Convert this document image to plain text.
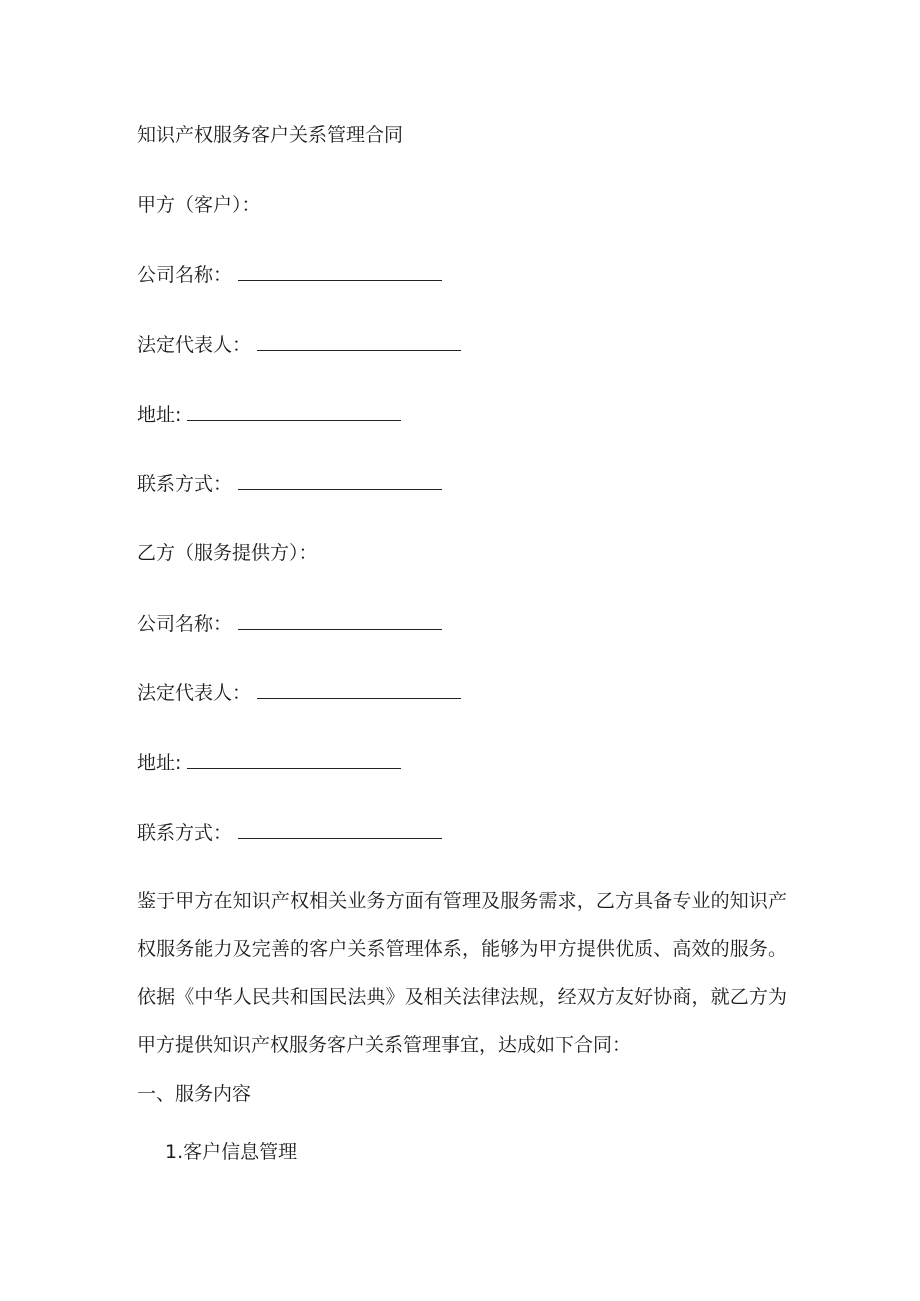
知识产权服务客户关系管理合同
甲方（客户）：
公司名称：
法定代表人：
地址:
联系方式：
乙方（服务提供方）：
公司名称：
法定代表人：
地址:
联系方式：
鉴于甲方在知识产权相关业务方面有管理及服务需求，乙方具备专业的知识产权服务能力及完善的客户关系管理体系，能够为甲方提供优质、高效的服务。依据《中华人民共和国民法典》及相关法律法规，经双方友好协商，就乙方为甲方提供知识产权服务客户关系管理事宜，达成如下合同：
一、服务内容
1.客户信息管理
